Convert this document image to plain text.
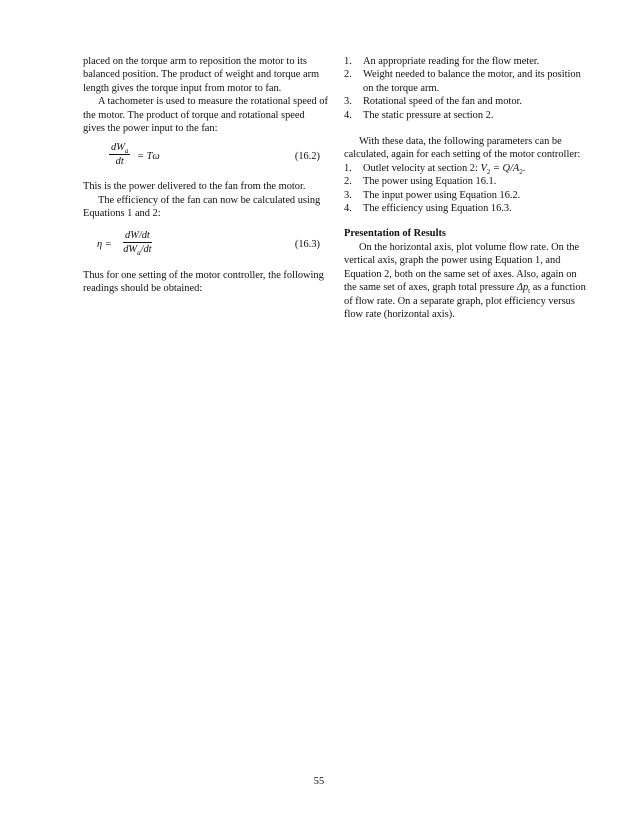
placed on the torque arm to reposition the motor to its balanced position. The product of weight and torque arm length gives the torque input from motor to fan.

A tachometer is used to measure the rotational speed of the motor. The product of torque and rotational speed gives the power input to the fan:

$dW_a$
dt	= Tω	(16.2)

This is the power delivered to the fan from the motor.

The efficiency of the fan can now be calculated using Equations 1 and 2:

η =
dW/dt
$dW_a/dt$	(16.3)

Thus for one setting of the motor controller, the following readings should be obtained:

1. An appropriate reading for the flow meter.
2. Weight needed to balance the motor, and its position on the torque arm.
3. Rotational speed of the fan and motor.
4. The static pressure at section 2.

With these data, the following parameters can be calculated, again for each setting of the motor controller:

1. Outlet velocity at section 2: $V_2 = Q/A_2$.
2. The power using Equation 16.1.
3. The input power using Equation 16.2.
4. The efficiency using Equation 16.3.

Presentation of Results

On the horizontal axis, plot volume flow rate. On the vertical axis, graph the power using Equation 1, and Equation 2, both on the same set of axes. Also, again on the same set of axes, graph total pressure $\Delta p_t$ as a function of flow rate. On a separate graph, plot efficiency versus flow rate (horizontal axis).

55
